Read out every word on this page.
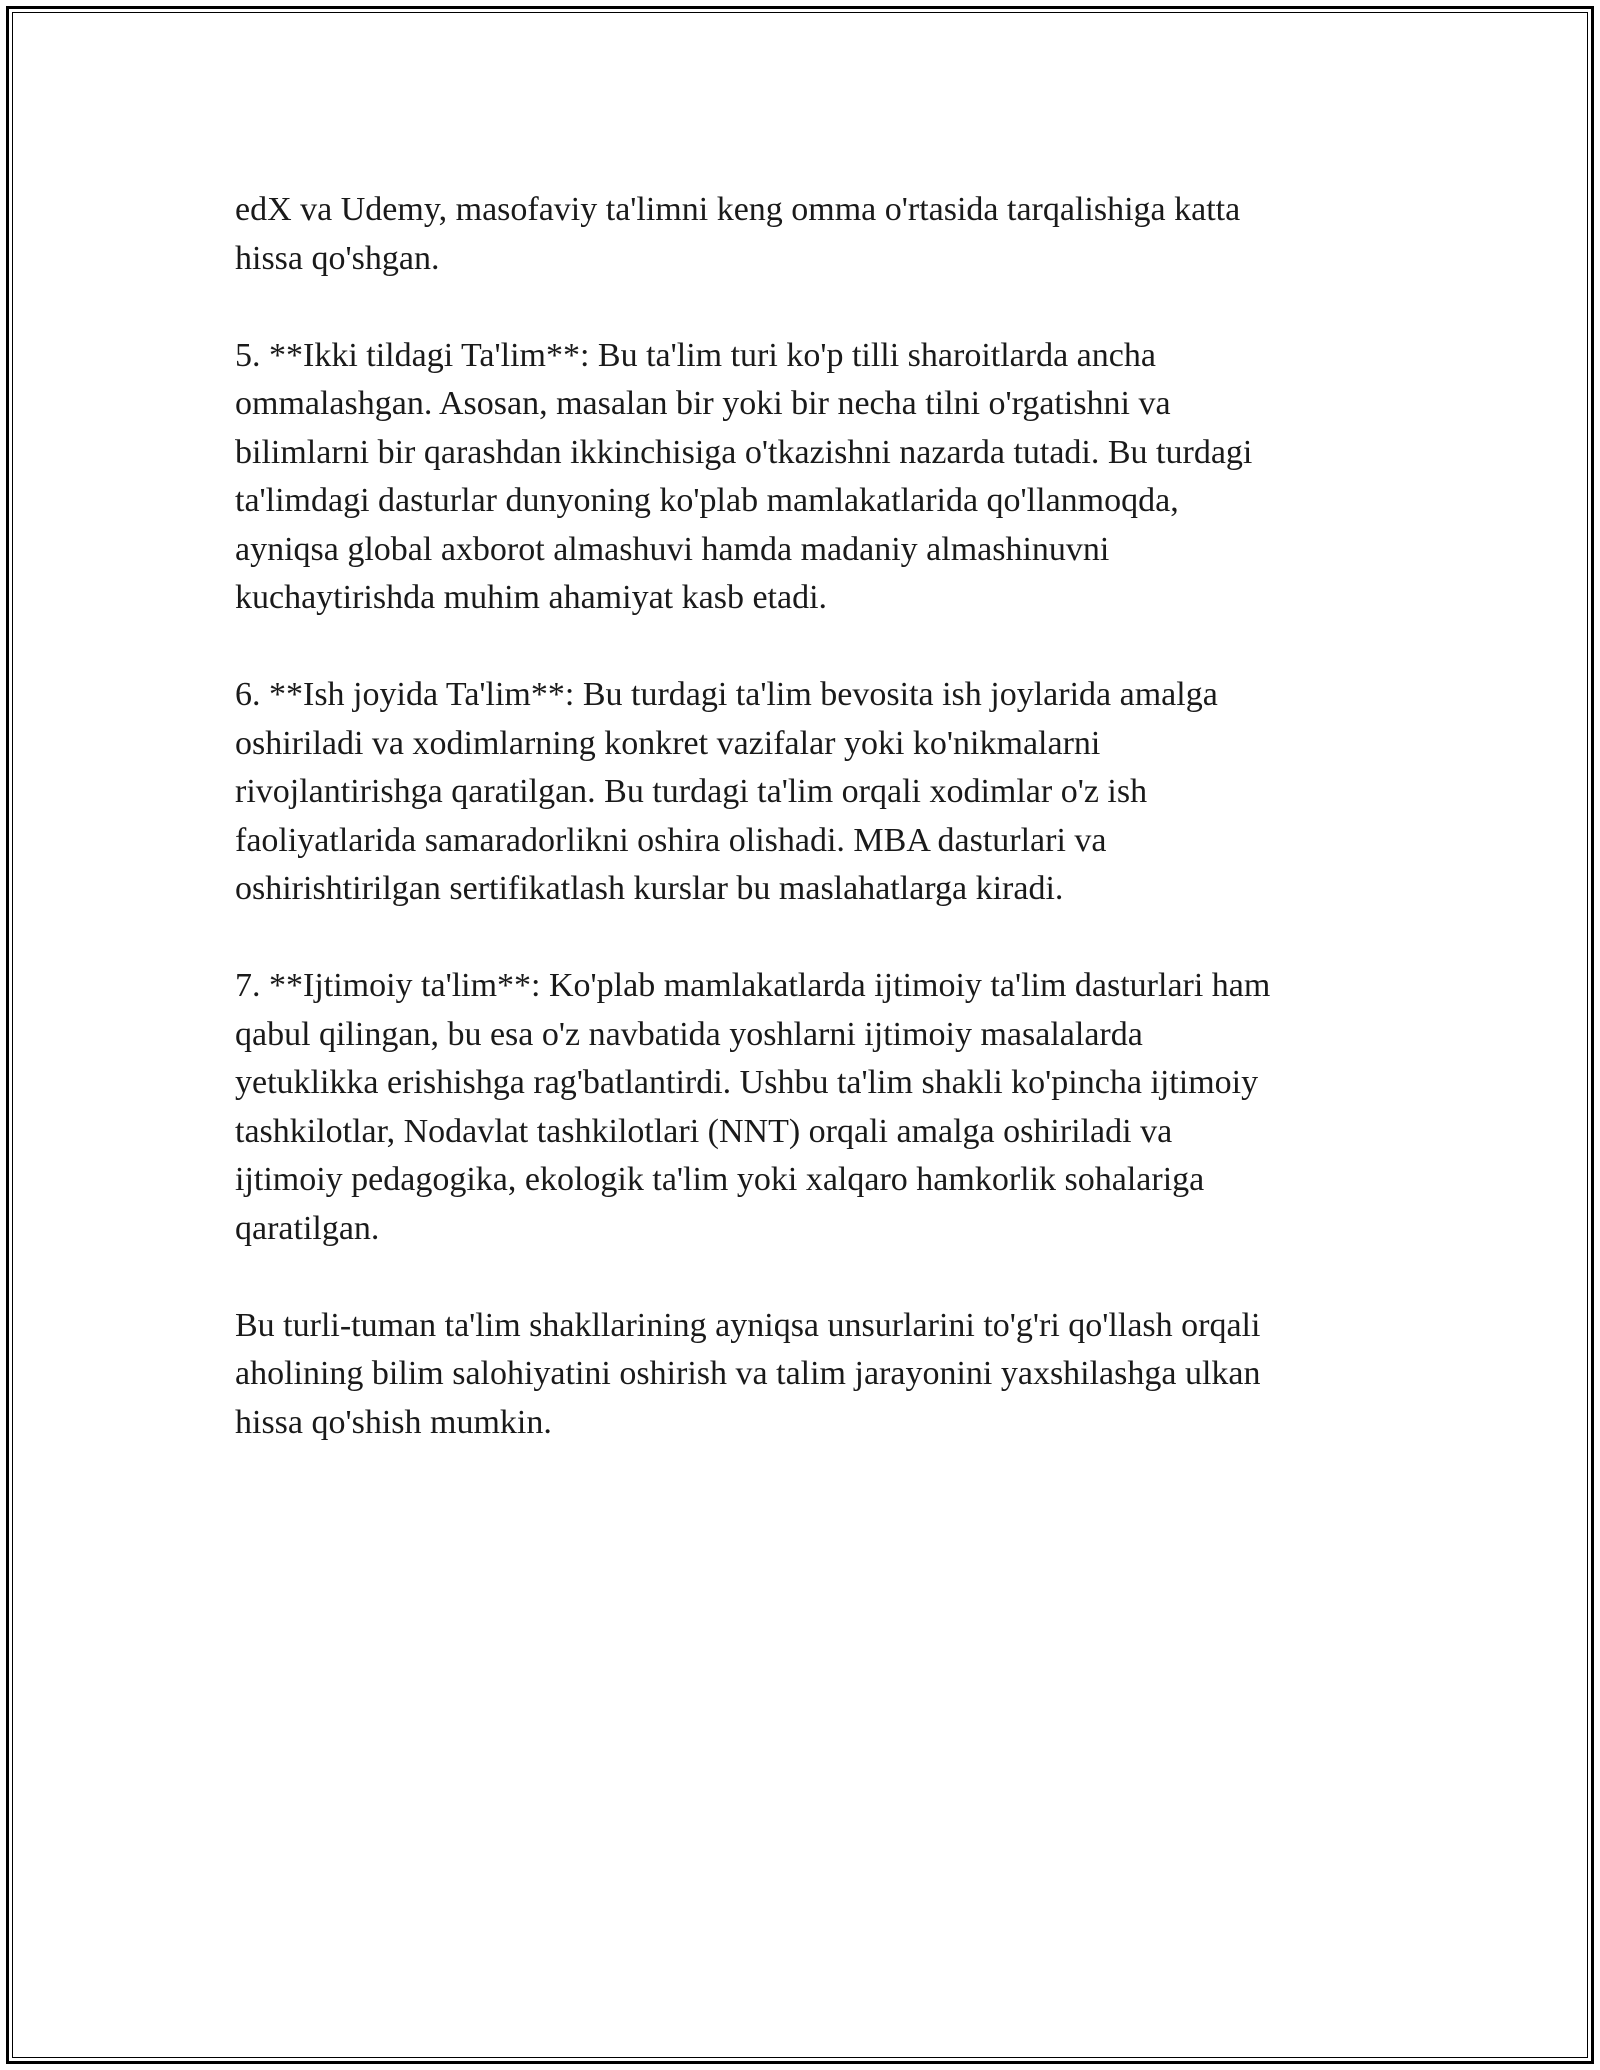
edX va Udemy, masofaviy ta'limni keng omma o'rtasida tarqalishiga katta
hissa qo'shgan.

5. **Ikki tildagi Ta'lim**: Bu ta'lim turi ko'p tilli sharoitlarda ancha
ommalashgan. Asosan, masalan bir yoki bir necha tilni o'rgatishni va
bilimlarni bir qarashdan ikkinchisiga o'tkazishni nazarda tutadi. Bu turdagi
ta'limdagi dasturlar dunyoning ko'plab mamlakatlarida qo'llanmoqda,
ayniqsa global axborot almashuvi hamda madaniy almashinuvni
kuchaytirishda muhim ahamiyat kasb etadi.

6. **Ish joyida Ta'lim**: Bu turdagi ta'lim bevosita ish joylarida amalga
oshiriladi va xodimlarning konkret vazifalar yoki ko'nikmalarni
rivojlantirishga qaratilgan. Bu turdagi ta'lim orqali xodimlar o'z ish
faoliyatlarida samaradorlikni oshira olishadi. MBA dasturlari va
oshirishtirilgan sertifikatlash kurslar bu maslahatlarga kiradi.

7. **Ijtimoiy ta'lim**: Ko'plab mamlakatlarda ijtimoiy ta'lim dasturlari ham
qabul qilingan, bu esa o'z navbatida yoshlarni ijtimoiy masalalarda
yetuklikka erishishga rag'batlantirdi. Ushbu ta'lim shakli ko'pincha ijtimoiy
tashkilotlar, Nodavlat tashkilotlari (NNT) orqali amalga oshiriladi va
ijtimoiy pedagogika, ekologik ta'lim yoki xalqaro hamkorlik sohalariga
qaratilgan.

Bu turli-tuman ta'lim shakllarining ayniqsa unsurlarini to'g'ri qo'llash orqali
aholining bilim salohiyatini oshirish va talim jarayonini yaxshilashga ulkan
hissa qo'shish mumkin.
